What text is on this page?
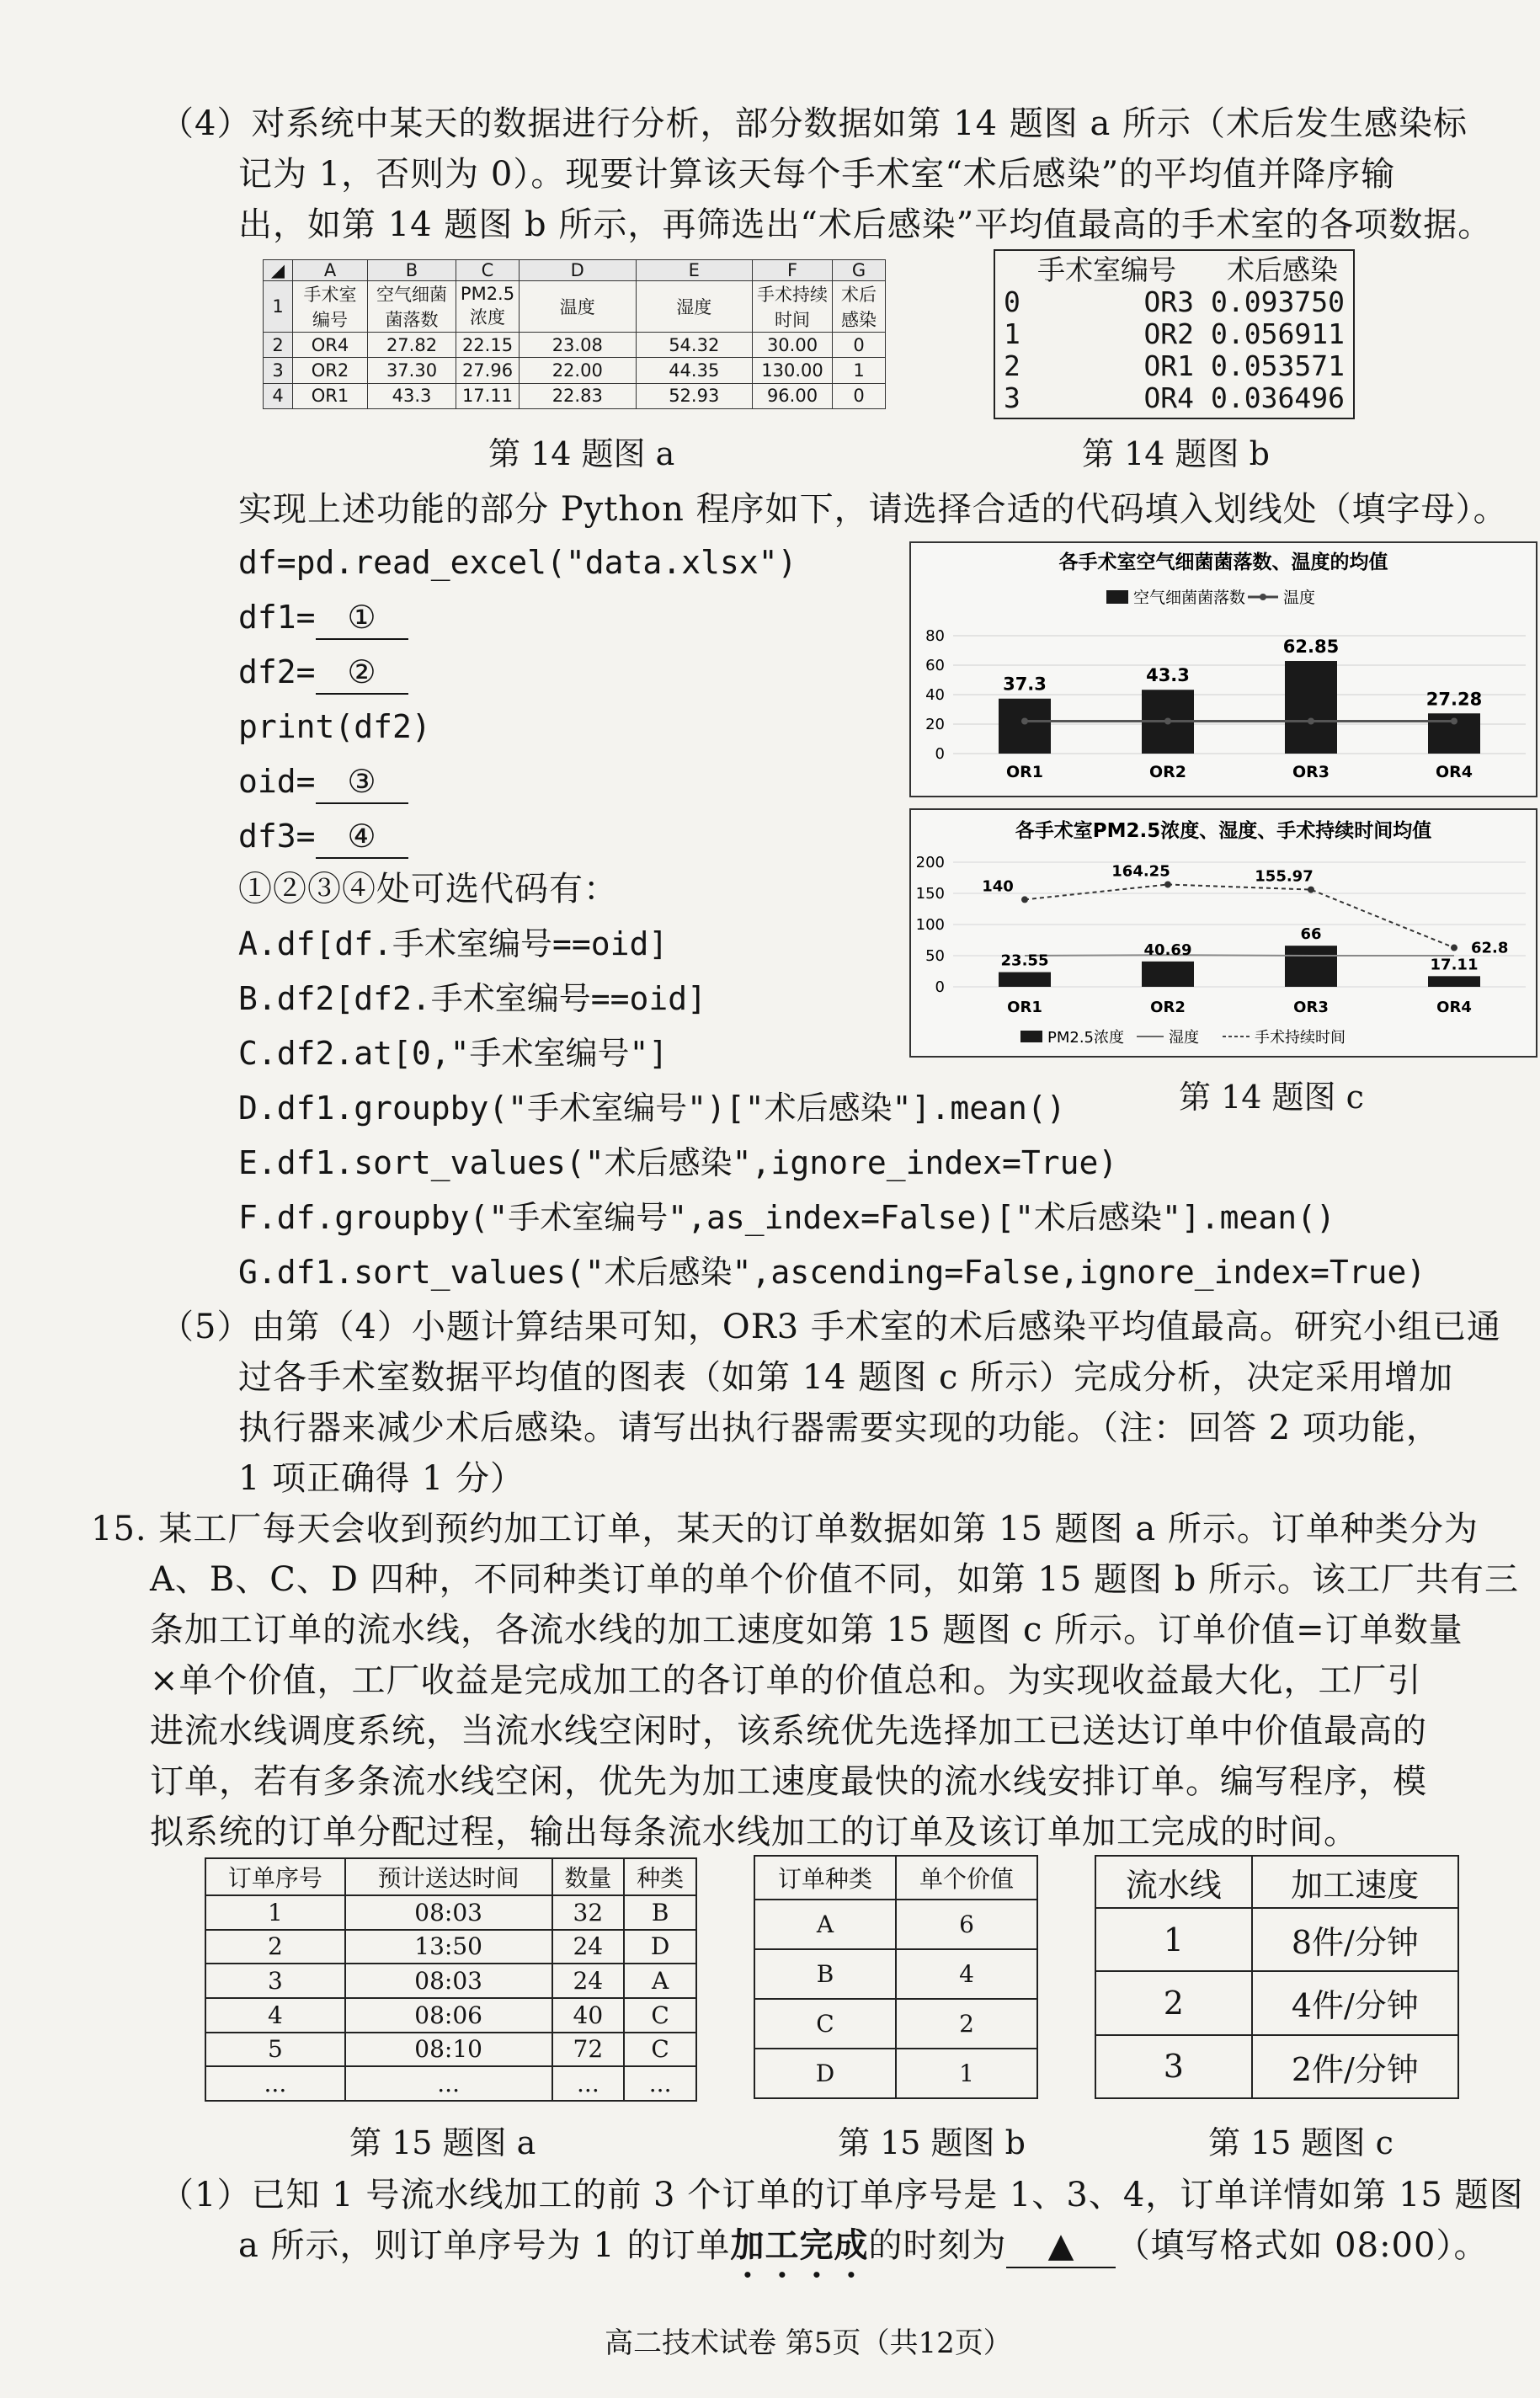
（4）对系统中某天的数据进行分析，部分数据如第 14 题图 a 所示（术后发生感染标
记为 1，否则为 0）。现要计算该天每个手术室“术后感染”的平均值并降序输
出，如第 14 题图 b 所示，再筛选出“术后感染”平均值最高的手术室的各项数据。
◢	A	B	C	D	E	F	G
1	手术室编号	空气细菌菌落数	PM2.5浓度	温度	湿度	手术持续时间	术后感染
2	OR4	27.82	22.15	23.08	54.32	30.00	0
3	OR2	37.30	27.96	22.00	44.35	130.00	1
4	OR1	43.3	17.11	22.83	52.93	96.00	0
第 14 题图 a
手术室编号	术后感染
0	OR3 0.093750
1	OR2 0.056911
2	OR1 0.053571
3	OR4 0.036496
第 14 题图 b
实现上述功能的部分 Python 程序如下，请选择合适的代码填入划线处（填字母）。
df=pd.read_excel("data.xlsx")
df1= ①
df2= ②
print(df2)
oid= ③
df3= ④
①②③④处可选代码有：
A.df[df.手术室编号==oid]
B.df2[df2.手术室编号==oid]
C.df2.at[0,"手术室编号"]
D.df1.groupby("手术室编号")["术后感染"].mean()
E.df1.sort_values("术后感染",ignore_index=True)
F.df.groupby("手术室编号",as_index=False)["术后感染"].mean()
G.df1.sort_values("术后感染",ascending=False,ignore_index=True)
各手术室空气细菌菌落数、温度的均值
空气细菌菌落数 温度
0
20
40
60
80
OR1	OR2	OR3	OR4
37.3	43.3
62.85
27.28
各手术室PM2.5浓度、湿度、手术持续时间均值
0
50
100
150
200
OR1	OR2	OR3	OR4
23.55
40.69
66
17.11
140
164.25	155.97
62.8
PM2.5浓度	湿度	手术持续时间
第 14 题图 c
（5）由第（4）小题计算结果可知，OR3 手术室的术后感染平均值最高。研究小组已通
过各手术室数据平均值的图表（如第 14 题图 c 所示）完成分析，决定采用增加
执行器来减少术后感染。请写出执行器需要实现的功能。（注：回答 2 项功能，
1 项正确得 1 分）
15. 某工厂每天会收到预约加工订单，某天的订单数据如第 15 题图 a 所示。订单种类分为
A、B、C、D 四种，不同种类订单的单个价值不同，如第 15 题图 b 所示。该工厂共有三
条加工订单的流水线，各流水线的加工速度如第 15 题图 c 所示。订单价值=订单数量
×单个价值，工厂收益是完成加工的各订单的价值总和。为实现收益最大化，工厂引
进流水线调度系统，当流水线空闲时，该系统优先选择加工已送达订单中价值最高的
订单，若有多条流水线空闲，优先为加工速度最快的流水线安排订单。编写程序，模
拟系统的订单分配过程，输出每条流水线加工的订单及该订单加工完成的时间。
订单序号	预计送达时间	数量	种类
1	08:03	32	B
2	13:50	24	D
3	08:03	24	A
4	08:06	40	C
5	08:10	72	C
...	...	...	...
第 15 题图 a
订单种类	单个价值
A	6
B	4
C	2
D	1
第 15 题图 b
流水线	加工速度
1	8件/分钟
2	4件/分钟
3	2件/分钟
第 15 题图 c
（1）已知 1 号流水线加工的前 3 个订单的订单序号是 1、3、4，订单详情如第 15 题图
a 所示，则订单序号为 1 的订单加工完成的时刻为 ▲ （填写格式如 08:00）。
高二技术试卷 第5页（共12页）
